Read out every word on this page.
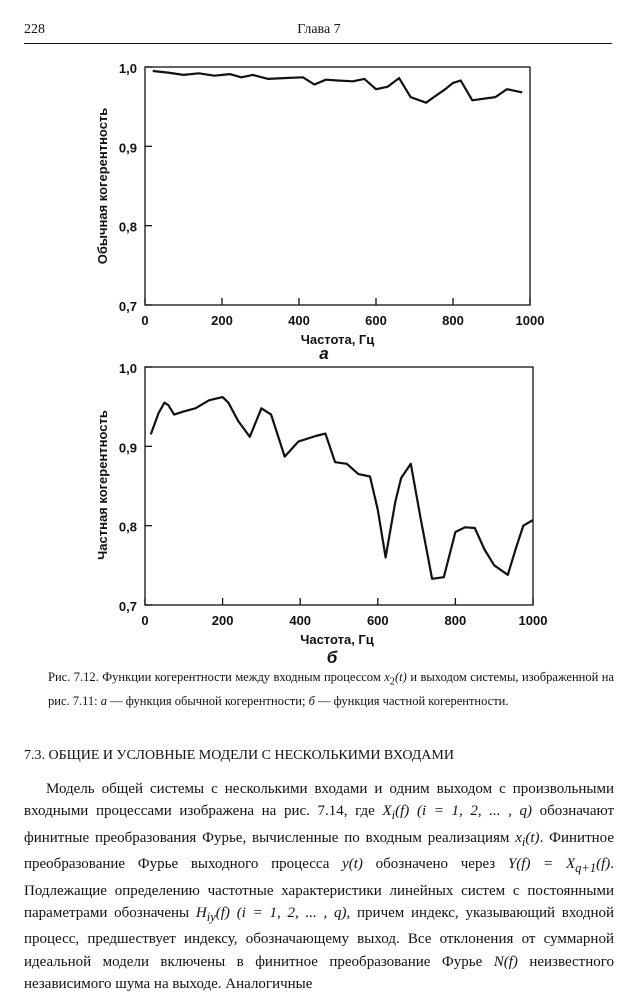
228	Глава 7
0,7
0,8
0,9
1,0
0	200	400	600	800	1000
Обычная когерентность
Частота, Гц
а
0,7
0,8
0,9
1,0
0	200	400	600	800	1000
Частная когерентность
Частота, Гц
б
Рис. 7.12. Функции когерентности между входным процессом $x_2(t)$ и выходом системы, изображенной на рис. 7.11: а — функция обычной когерентности; б — функция частной когерентности.
7.3. ОБЩИЕ И УСЛОВНЫЕ МОДЕЛИ С НЕСКОЛЬКИМИ ВХОДАМИ
Модель общей системы с несколькими входами и одним выходом с произвольными входными процессами изображена на рис. 7.14, где $X_i(f) (i = 1$, 2, ... , q) обозначают финитные преобразования Фурье, вычисленные по входным реализациям $x_i(t)$. Финитное преобразование Фурье выходного процесса y(t) обозначено через $Y(f) = X_{q+1}(f)$. Подлежащие определению частотные характеристики линейных систем с постоянными параметрами обозначены $H_{iy}(f) (i = 1$, 2, ... , q), причем индекс, указывающий входной процесс, предшествует индексу, обозначающему выход. Все отклонения от суммарной идеальной модели включены в финитное преобразование Фурье N(f) неизвестного независимого шума на выходе. Аналогичные
